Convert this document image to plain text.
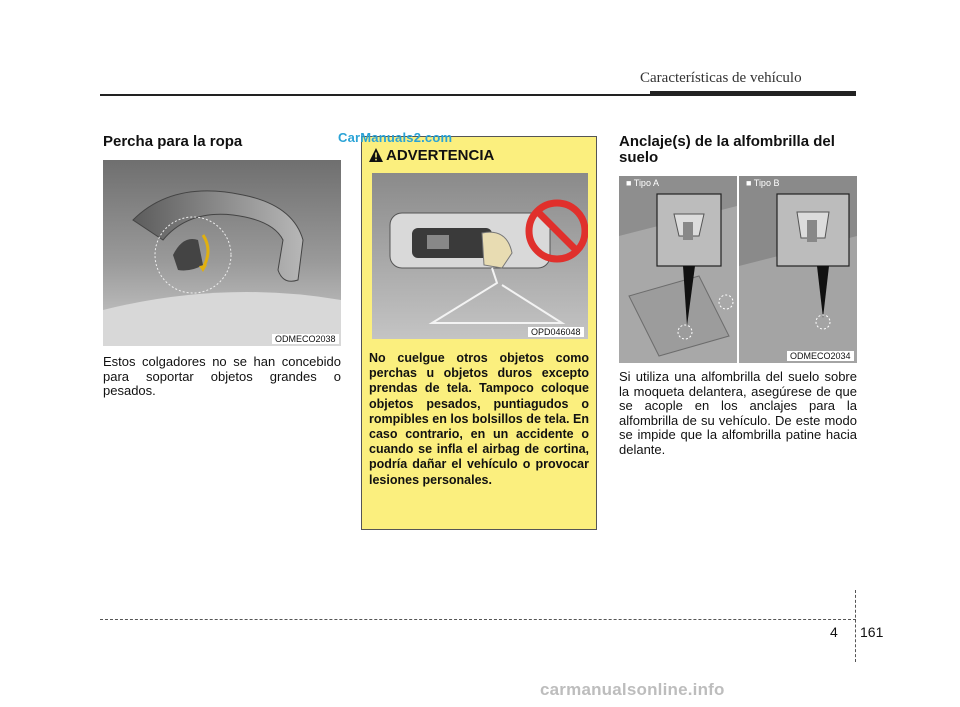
Características de vehículo
Percha para la ropa
ODMECO2038
Estos colgadores no se han concebido para soportar objetos grandes o pesados.
ADVERTENCIA
OPD046048
No cuelgue otros objetos como perchas u objetos duros excepto prendas de tela. Tampoco coloque objetos pesados, puntiagudos o rompibles en los bolsillos de tela. En caso contrario, en un accidente o cuando se infla el airbag de cortina, podría dañar el vehículo o provocar lesiones personales.
Anclaje(s) de la alfombrilla del suelo
■ Tipo A	■ Tipo B
ODMECO2034
Si utiliza una alfombrilla del suelo sobre la moqueta delantera, asegúrese de que se acople en los anclajes para la alfombrilla de su vehículo. De este modo se impide que la alfombrilla patine hacia delante.
CarManuals2.com
carmanualsonline.info
4 161
